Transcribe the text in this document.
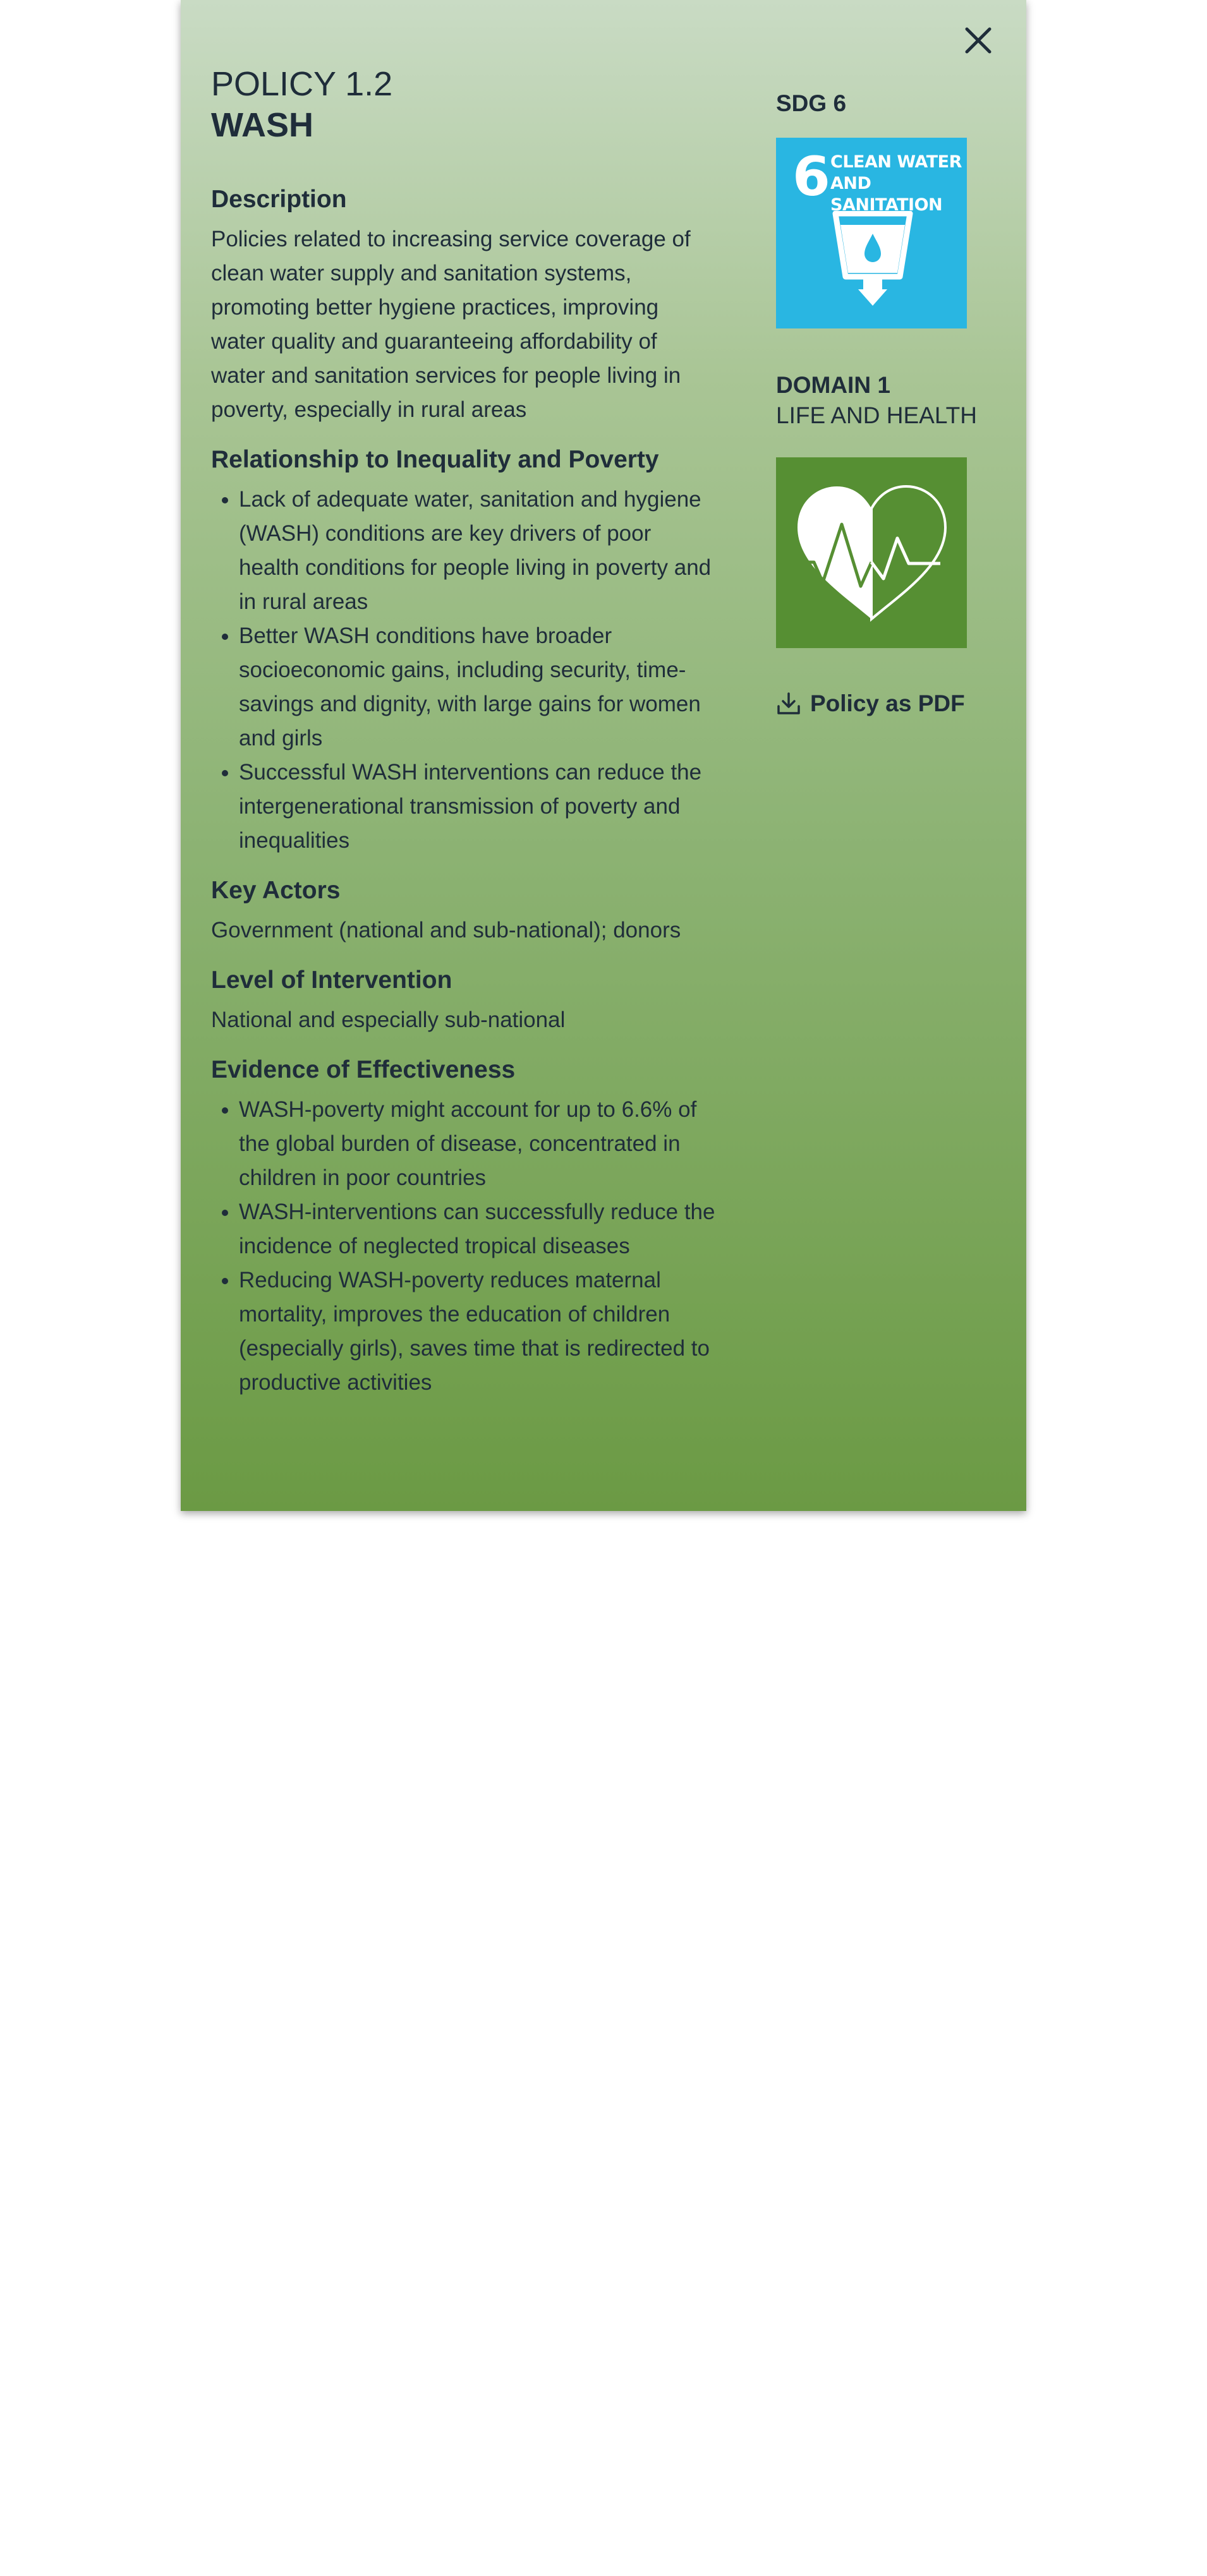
POLICY 1.2
WASH
Description

Policies related to increasing service coverage of clean water supply and sanitation systems, promoting better hygiene practices, improving water quality and guaranteeing affordability of water and sanitation services for people living in poverty, especially in rural areas

Relationship to Inequality and Poverty
• Lack of adequate water, sanitation and hygiene (WASH) conditions are key drivers of poor health conditions for people living in poverty and in rural areas
• Better WASH conditions have broader socioeconomic gains, including security, time-savings and dignity, with large gains for women and girls
• Successful WASH interventions can reduce the intergenerational transmission of poverty and inequalities
Key Actors

Government (national and sub-national); donors

Level of Intervention

National and especially sub-national

Evidence of Effectiveness
• WASH-poverty might account for up to 6.6% of the global burden of disease, concentrated in children in poor countries
• WASH-interventions can successfully reduce the incidence of neglected tropical diseases
• Reducing WASH-poverty reduces maternal mortality, improves the education of children (especially girls), saves time that is redirected to productive activities
SDG 6
6 CLEAN WATER
AND SANITATION
DOMAIN 1
LIFE AND HEALTH
Policy as PDF
